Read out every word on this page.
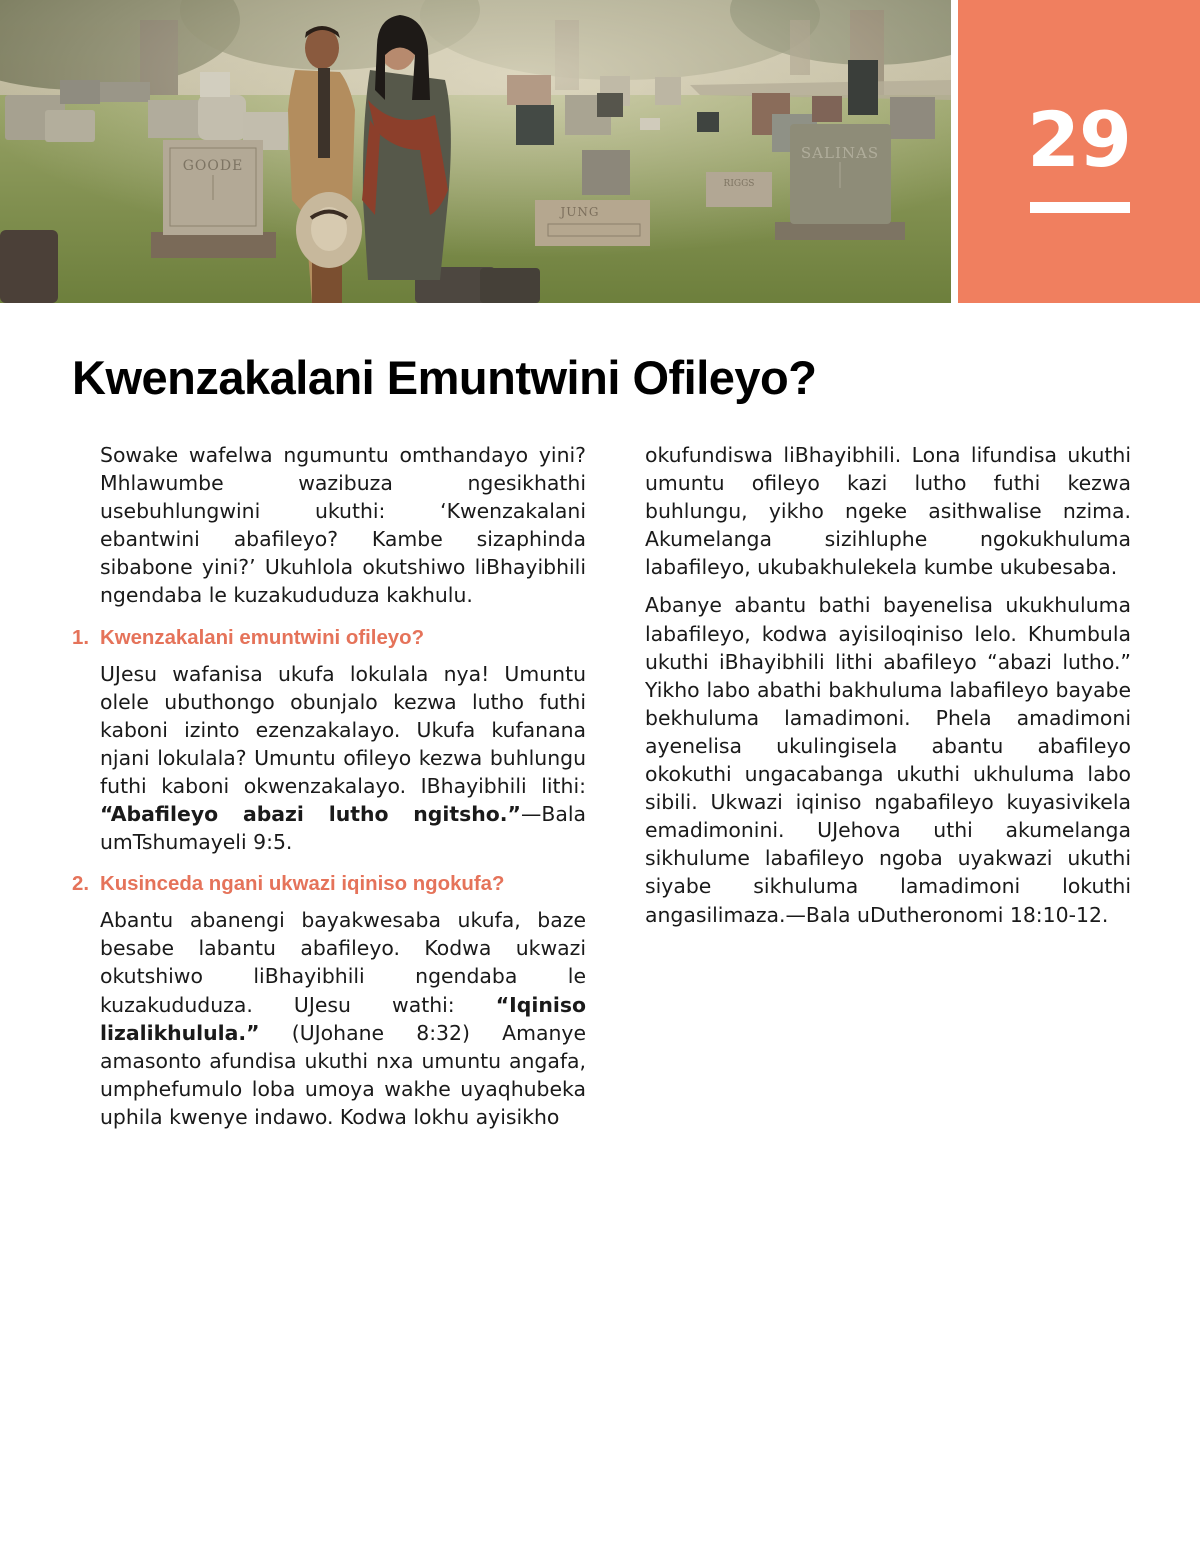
GOODE
JUNG
RIGGS
SALINAS	29
Kwenzakalani Emuntwini Ofileyo?

Sowake wafelwa ngumuntu omthandayo yini? Mhlawumbe wazibuza ngesikhathi usebuhlungwini ukuthi: ‘Kwenzakalani ebantwini abafileyo? Kambe sizaphinda sibabone yini?’ Ukuhlola okutshiwo liBhayibhili ngendaba le kuzakududuza kakhulu.

1. Kwenzakalani emuntwini ofileyo?

UJesu wafanisa ukufa lokulala nya! Umuntu olele ubuthongo obunjalo kezwa lutho futhi kaboni izinto ezenzakalayo. Ukufa kufanana njani lokulala? Umuntu ofileyo kezwa buhlungu futhi kaboni okwenzakalayo. IBhayibhili lithi: “Abafileyo abazi lutho ngitsho.”—Bala umTshumayeli 9:5.

2. Kusinceda ngani ukwazi iqiniso ngokufa?

Abantu abanengi bayakwesaba ukufa, baze besabe labantu abafileyo. Kodwa ukwazi okutshiwo liBhayibhili ngendaba le kuzakududuza. UJesu wathi: “Iqiniso lizalikhulula.” (UJohane 8:32) Amanye amasonto afundisa ukuthi nxa umuntu angafa, umphefumulo loba umoya wakhe uyaqhubeka uphila kwenye indawo. Kodwa lokhu ayisikho

okufundiswa liBhayibhili. Lona lifundisa ukuthi umuntu ofileyo kazi lutho futhi kezwa buhlungu, yikho ngeke asithwalise nzima. Akumelanga sizihluphe ngokukhuluma labafileyo, ukubakhulekela kumbe ukubesaba.

Abanye abantu bathi bayenelisa ukukhuluma labafileyo, kodwa ayisiloqiniso lelo. Khumbula ukuthi iBhayibhili lithi abafileyo “abazi lutho.” Yikho labo abathi bakhuluma labafileyo bayabe bekhuluma lamadimoni. Phela amadimoni ayenelisa ukulingisela abantu abafileyo okokuthi ungacabanga ukuthi ukhuluma labo sibili. Ukwazi iqiniso ngabafileyo kuyasivikela emadimonini. UJehova uthi akumelanga sikhulume labafileyo ngoba uyakwazi ukuthi siyabe sikhuluma lamadimoni lokuthi angasilimaza.—Bala uDutheronomi 18:10-12.
